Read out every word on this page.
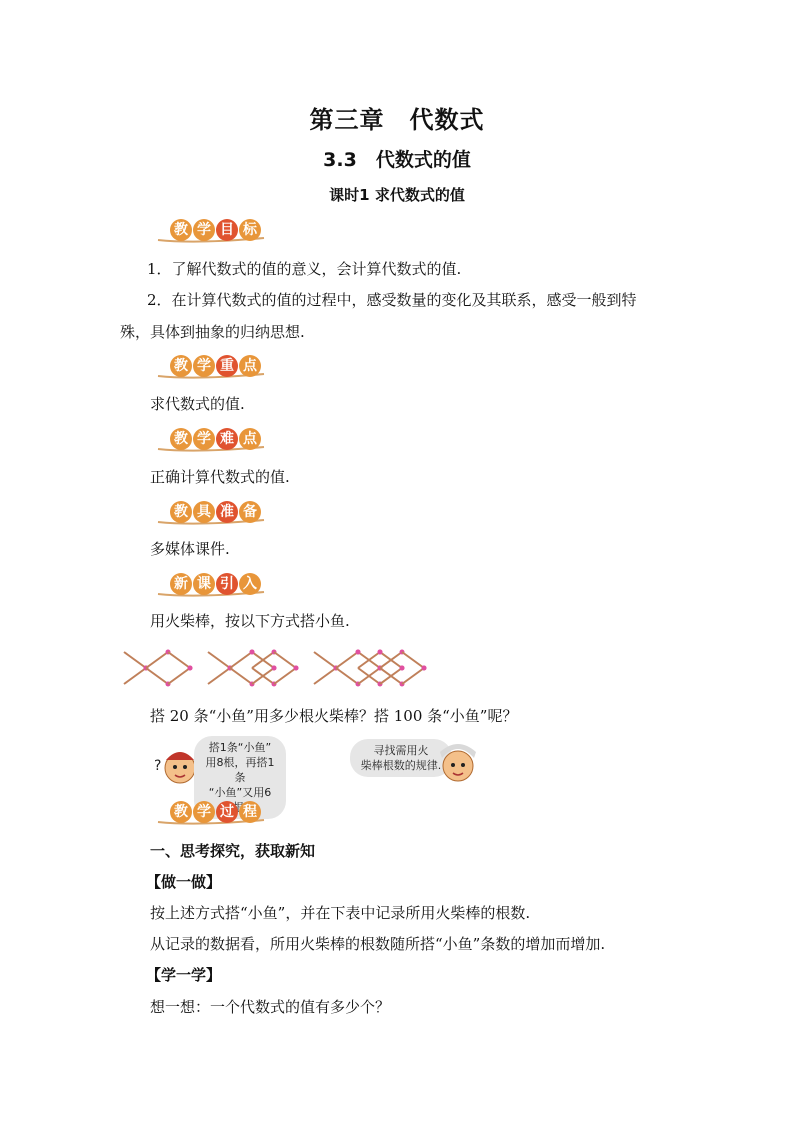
第三章　代数式
3.3　代数式的值
课时1 求代数式的值
教 学 目 标
1．了解代数式的值的意义，会计算代数式的值.
2．在计算代数式的值的过程中，感受数量的变化及其联系，感受一般到特
殊，具体到抽象的归纳思想.
教 学 重 点
求代数式的值.
教 学 难 点
正确计算代数式的值.
教 具 准 备
多媒体课件.
新 课 引 入
用火柴棒，按以下方式搭小鱼.
搭 20 条“小鱼”用多少根火柴棒？搭 100 条“小鱼”呢？
?
搭1条“小鱼”
用8根，再搭1条
“小鱼”又用6根
寻找需用火
柴棒根数的规律.
教 学 过 程
一、思考探究，获取新知
【做一做】
按上述方式搭“小鱼”，并在下表中记录所用火柴棒的根数.
从记录的数据看，所用火柴棒的根数随所搭“小鱼”条数的增加而增加.
【学一学】
想一想：一个代数式的值有多少个？
